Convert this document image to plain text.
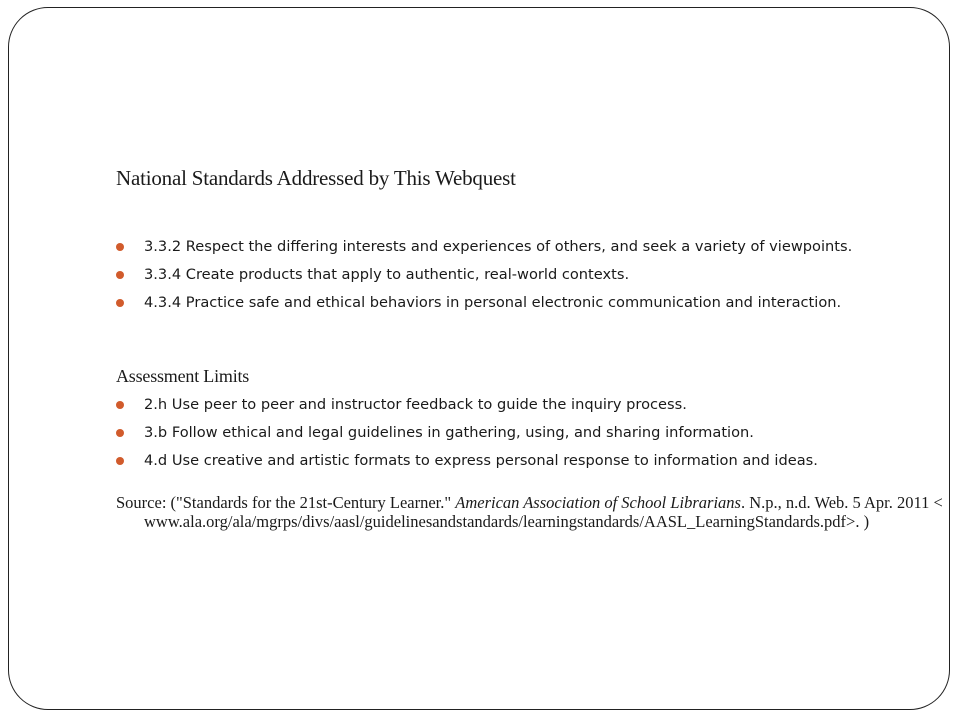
National Standards Addressed by This Webquest
3.3.2 Respect the differing interests and experiences of others, and seek a variety of viewpoints.
3.3.4 Create products that apply to authentic, real-world contexts.
4.3.4 Practice safe and ethical behaviors in personal electronic communication and interaction.
Assessment Limits
2.h Use peer to peer and instructor feedback to guide the inquiry process.
3.b Follow ethical and legal guidelines in gathering, using, and sharing information.
4.d Use creative and artistic formats to express personal response to information and ideas.
Source: ("Standards for the 21st-Century Learner." American Association of School Librarians. N.p., n.d. Web. 5 Apr. 2011 <www.ala.org/ala/mgrps/divs/aasl/guidelinesandstandards/learningstandards/AASL_LearningStandards.pdf>. )
